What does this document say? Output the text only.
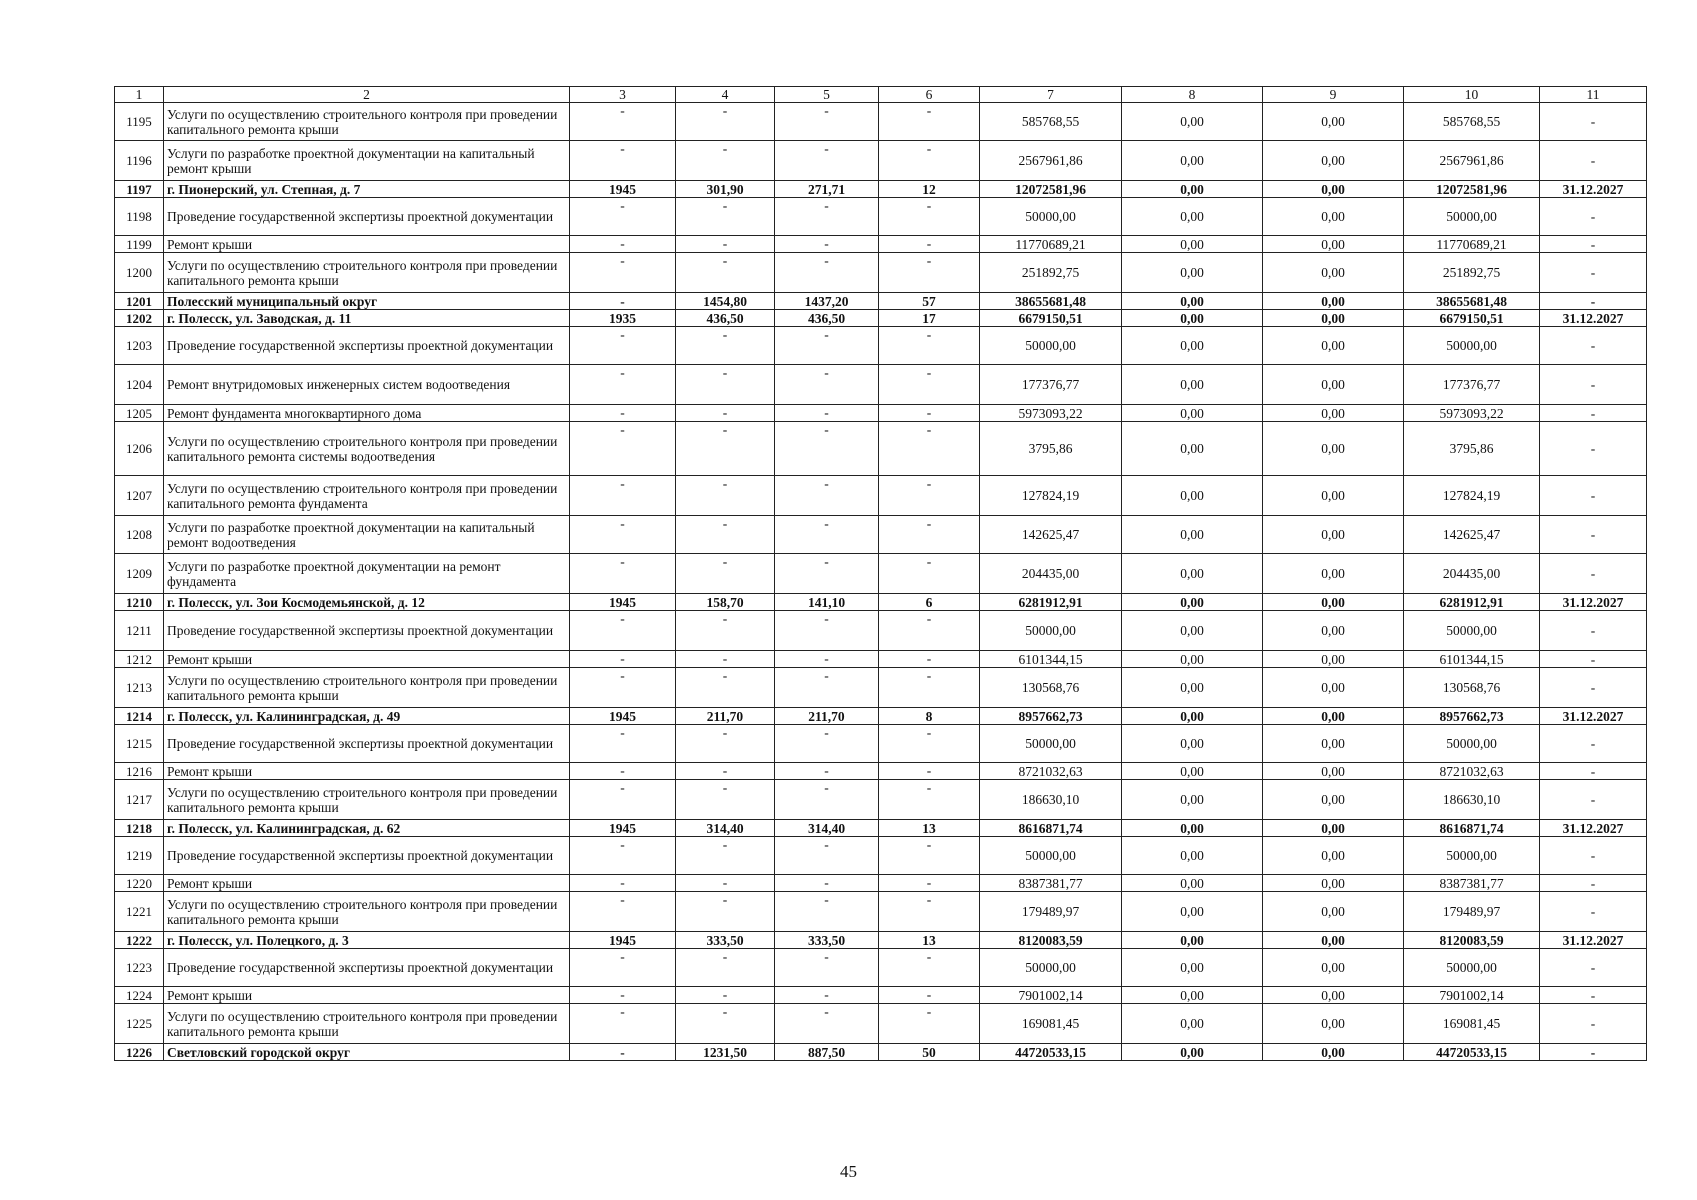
1	2	3	4	5	6	7	8	9	10	11
1195	Услуги по осуществлению строительного контроля при проведении капитального ремонта крыши	-	-	-	-	585768,55	0,00	0,00	585768,55	-
1196	Услуги по разработке проектной документации на капитальный ремонт крыши	-	-	-	-	2567961,86	0,00	0,00	2567961,86	-
1197	г. Пионерский, ул. Степная, д. 7	1945	301,90	271,71	12	12072581,96	0,00	0,00	12072581,96	31.12.2027
1198	Проведение государственной экспертизы проектной документации	-	-	-	-	50000,00	0,00	0,00	50000,00	-
1199	Ремонт крыши	-	-	-	-	11770689,21	0,00	0,00	11770689,21	-
1200	Услуги по осуществлению строительного контроля при проведении капитального ремонта крыши	-	-	-	-	251892,75	0,00	0,00	251892,75	-
1201	Полесский муниципальный округ	-	1454,80	1437,20	57	38655681,48	0,00	0,00	38655681,48	-
1202	г. Полесск, ул. Заводская, д. 11	1935	436,50	436,50	17	6679150,51	0,00	0,00	6679150,51	31.12.2027
1203	Проведение государственной экспертизы проектной документации	-	-	-	-	50000,00	0,00	0,00	50000,00	-
1204	Ремонт внутридомовых инженерных систем водоотведения	-	-	-	-	177376,77	0,00	0,00	177376,77	-
1205	Ремонт фундамента многоквартирного дома	-	-	-	-	5973093,22	0,00	0,00	5973093,22	-
1206	Услуги по осуществлению строительного контроля при проведении капитального ремонта системы водоотведения	-	-	-	-	3795,86	0,00	0,00	3795,86	-
1207	Услуги по осуществлению строительного контроля при проведении капитального ремонта фундамента	-	-	-	-	127824,19	0,00	0,00	127824,19	-
1208	Услуги по разработке проектной документации на капитальный ремонт водоотведения	-	-	-	-	142625,47	0,00	0,00	142625,47	-
1209	Услуги по разработке проектной документации на ремонт фундамента	-	-	-	-	204435,00	0,00	0,00	204435,00	-
1210	г. Полесск, ул. Зои Космодемьянской, д. 12	1945	158,70	141,10	6	6281912,91	0,00	0,00	6281912,91	31.12.2027
1211	Проведение государственной экспертизы проектной документации	-	-	-	-	50000,00	0,00	0,00	50000,00	-
1212	Ремонт крыши	-	-	-	-	6101344,15	0,00	0,00	6101344,15	-
1213	Услуги по осуществлению строительного контроля при проведении капитального ремонта крыши	-	-	-	-	130568,76	0,00	0,00	130568,76	-
1214	г. Полесск, ул. Калининградская, д. 49	1945	211,70	211,70	8	8957662,73	0,00	0,00	8957662,73	31.12.2027
1215	Проведение государственной экспертизы проектной документации	-	-	-	-	50000,00	0,00	0,00	50000,00	-
1216	Ремонт крыши	-	-	-	-	8721032,63	0,00	0,00	8721032,63	-
1217	Услуги по осуществлению строительного контроля при проведении капитального ремонта крыши	-	-	-	-	186630,10	0,00	0,00	186630,10	-
1218	г. Полесск, ул. Калининградская, д. 62	1945	314,40	314,40	13	8616871,74	0,00	0,00	8616871,74	31.12.2027
1219	Проведение государственной экспертизы проектной документации	-	-	-	-	50000,00	0,00	0,00	50000,00	-
1220	Ремонт крыши	-	-	-	-	8387381,77	0,00	0,00	8387381,77	-
1221	Услуги по осуществлению строительного контроля при проведении капитального ремонта крыши	-	-	-	-	179489,97	0,00	0,00	179489,97	-
1222	г. Полесск, ул. Полецкого, д. 3	1945	333,50	333,50	13	8120083,59	0,00	0,00	8120083,59	31.12.2027
1223	Проведение государственной экспертизы проектной документации	-	-	-	-	50000,00	0,00	0,00	50000,00	-
1224	Ремонт крыши	-	-	-	-	7901002,14	0,00	0,00	7901002,14	-
1225	Услуги по осуществлению строительного контроля при проведении капитального ремонта крыши	-	-	-	-	169081,45	0,00	0,00	169081,45	-
1226	Светловский городской округ	-	1231,50	887,50	50	44720533,15	0,00	0,00	44720533,15	-
45
